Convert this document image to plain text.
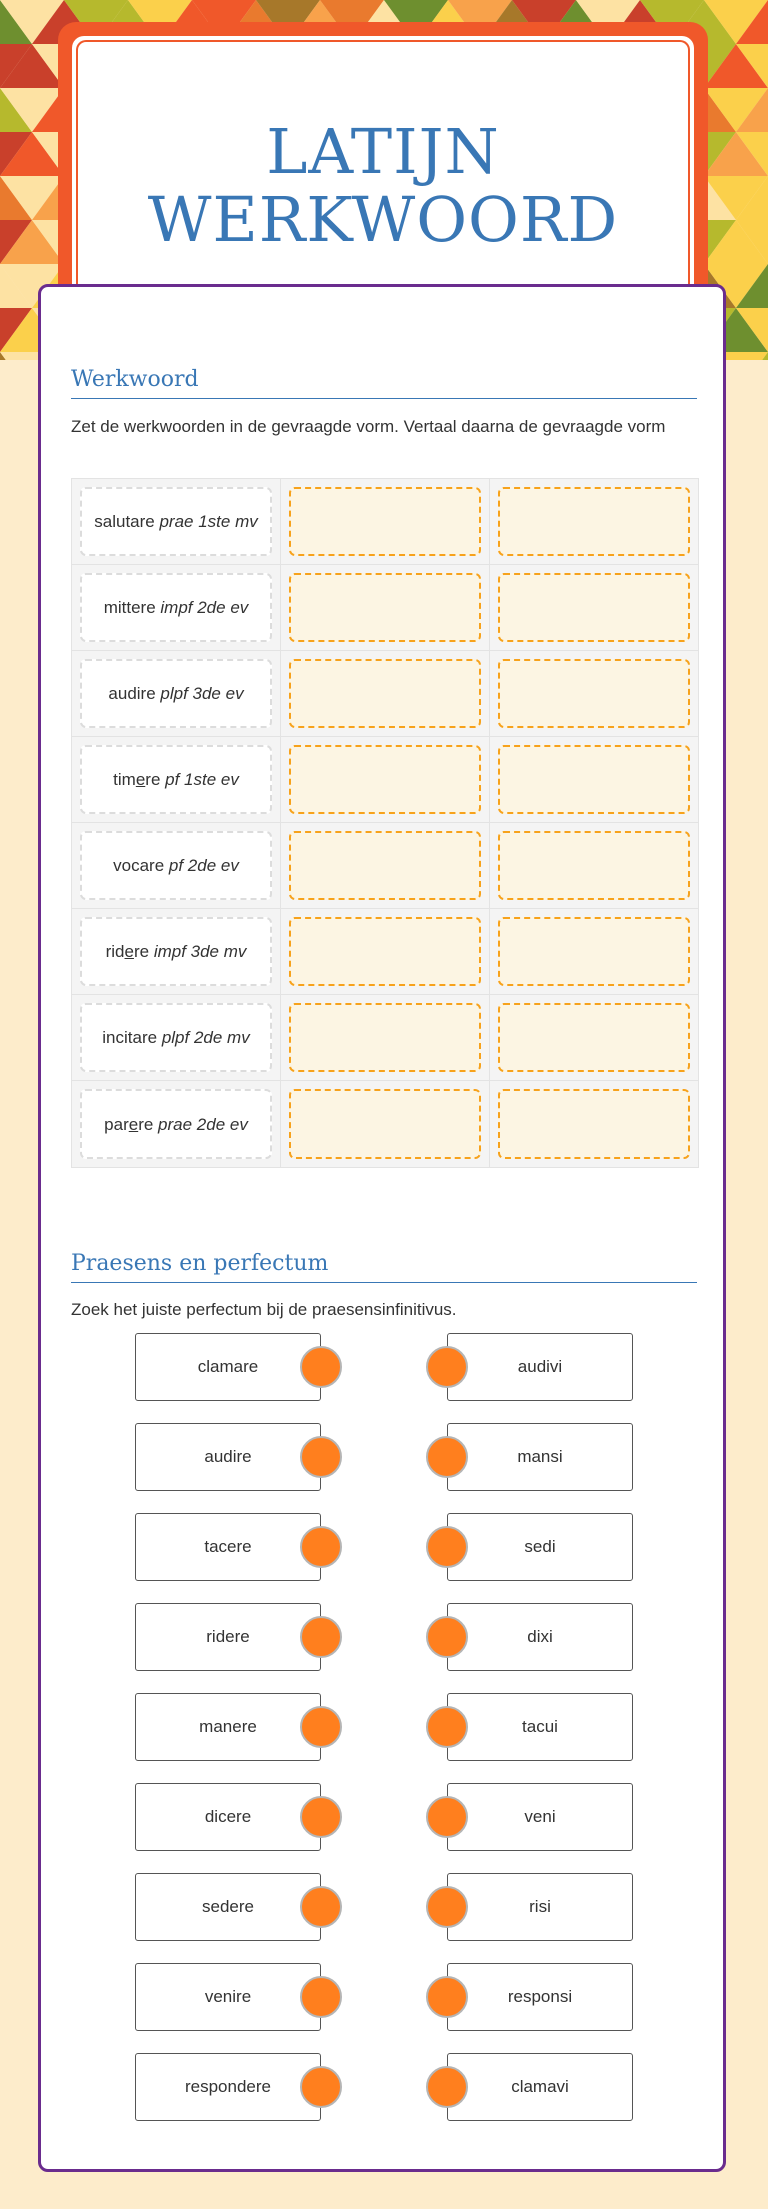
LATIJN
WERKWOORD
Werkwoord
Zet de werkwoorden in de gevraagde vorm. Vertaal daarna de gevraagde vorm
salutare prae 1ste mv
mittere impf 2de ev
audire plpf 3de ev
timere pf 1ste ev
vocare pf 2de ev
ridere impf 3de mv
incitare plpf 2de mv
parere prae 2de ev
Praesens en perfectum
Zoek het juiste perfectum bij de praesensinfinitivus.
clamare
audire
tacere
ridere
manere
dicere
sedere
venire
respondere
audivi
mansi
sedi
dixi
tacui
veni
risi
responsi
clamavi
